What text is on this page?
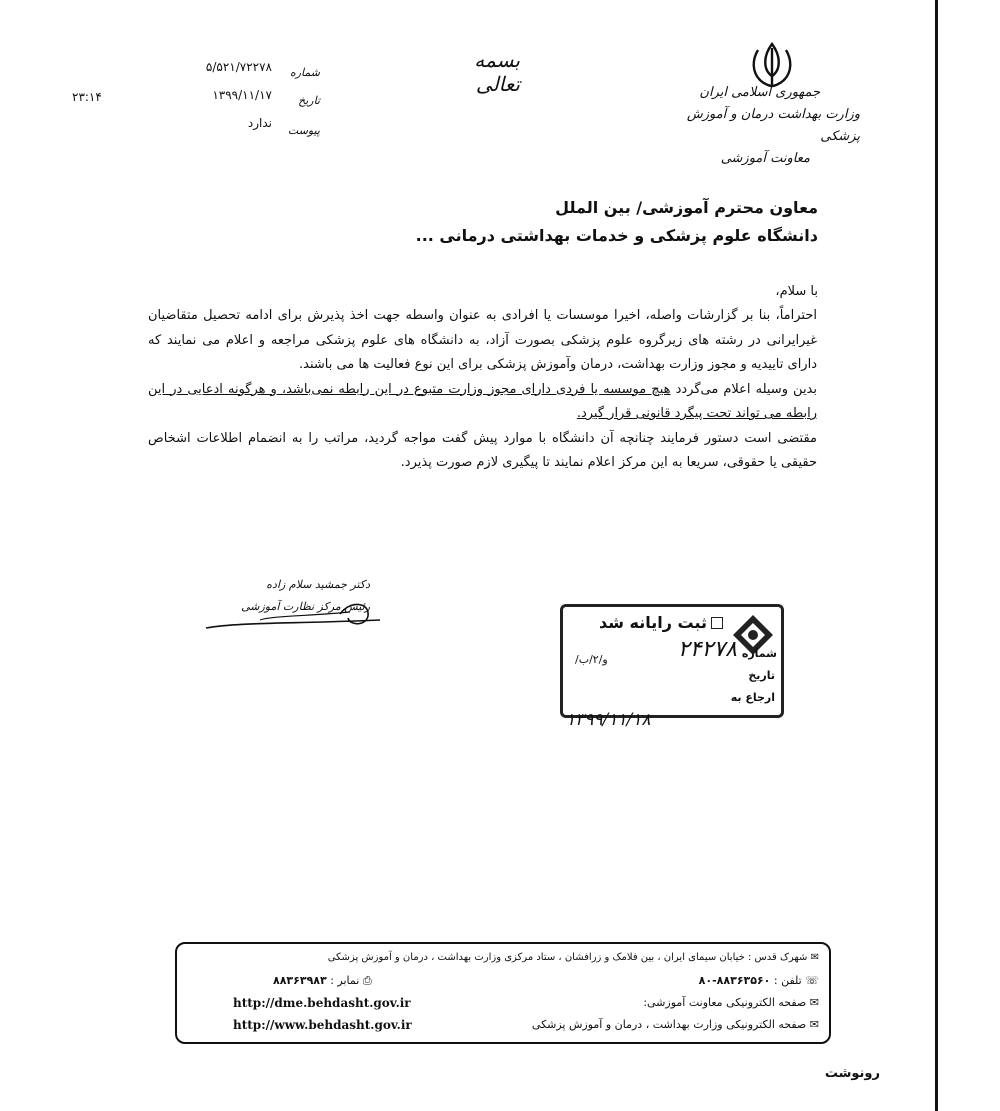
بسمه تعالی	جمهوری اسلامی ایران
وزارت بهداشت درمان و آموزش پزشکی
معاونت آموزشی
۵/۵۲۱/۷۲۲۷۸ شماره
۱۳۹۹/۱۱/۱۷ تاریخ
ندارد
پیوست
۲۳:۱۴
معاون محترم آموزشی/ بین الملل
دانشگاه علوم پزشکی و خدمات بهداشتی درمانی ...
با سلام،

احتراماً، بنا بر گزارشات واصله، اخیرا موسسات یا افرادی به عنوان واسطه جهت اخذ پذیرش برای ادامه تحصیل متقاضیان غیرایرانی در رشته های زیرگروه علوم پزشکی بصورت آزاد، به دانشگاه های علوم پزشکی مراجعه و اعلام می نمایند که دارای تاییدیه و مجوز وزارت بهداشت، درمان وآموزش پزشکی برای این نوع فعالیت ها می باشند.

بدین وسیله اعلام می‌گردد هیچ موسسه یا فردی دارای مجوز وزارت متبوع در این رابطه نمی‌باشد، و هرگونه ادعایی در این رابطه می تواند تحت پیگرد قانونی قرار گیرد.

مقتضی است دستور فرمایند چنانچه آن دانشگاه با موارد پیش گفت مواجه گردید، مراتب را به انضمام اطلاعات اشخاص حقیقی یا حقوقی، سریعا به این مرکز اعلام نمایند تا پیگیری لازم صورت پذیرد.

دکتر جمشید سلام زاده
رئیس مرکز نظارت آموزشی
ثبت رایانه شد
شماره
۲۴۲۷۸
/و/۲/ب
تاریخ
ارجاع به
۱۳۹۹/۱۱/۱۸
✉ شهرک قدس : خیابان سیمای ایران ، بین فلامک و زرافشان ، ستاد مرکزی وزارت بهداشت ، درمان و آموزش پزشکی
☏ تلفن : ۸۸۳۶۳۵۶۰-۸۰
⎙ نمابر : ۸۸۳۶۳۹۸۳
✉ صفحه الکترونیکی معاونت آموزشی:
http://dme.behdasht.gov.ir
✉ صفحه الکترونیکی وزارت بهداشت ، درمان و آموزش پزشکی
http://www.behdasht.gov.ir
رونوشت
